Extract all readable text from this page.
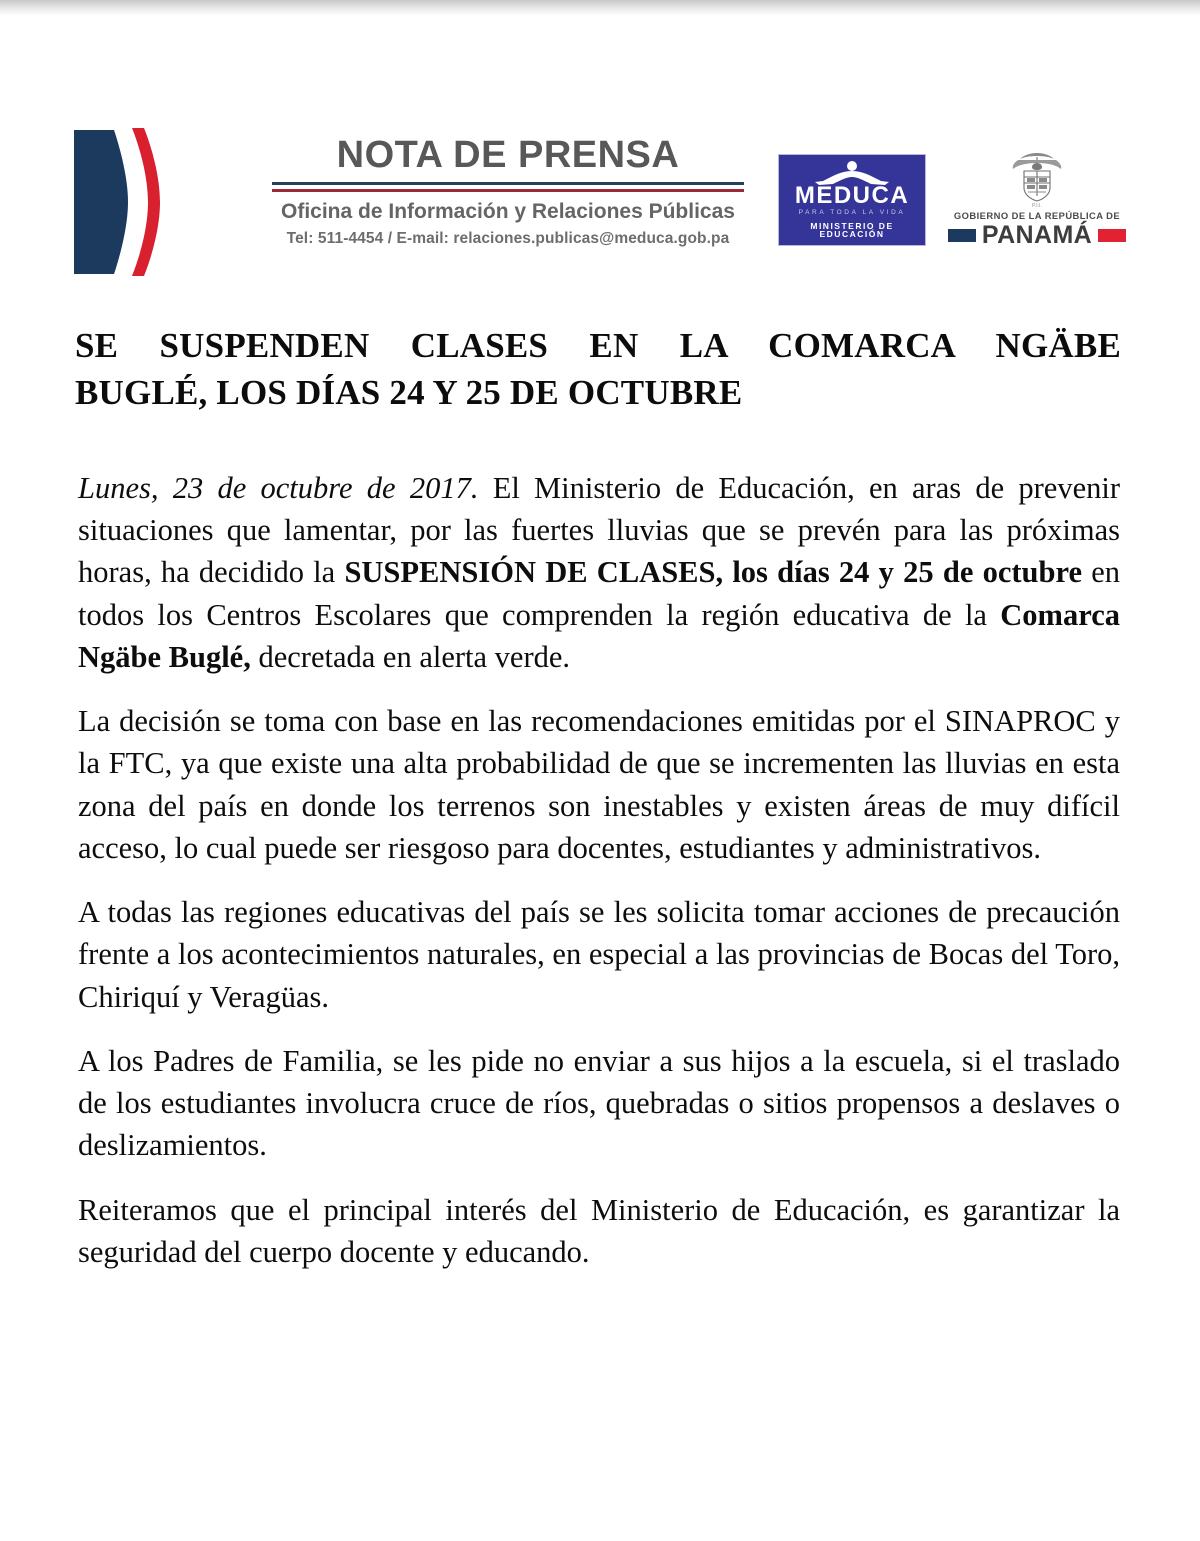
NOTA DE PRENSA
Oficina de Información y Relaciones Públicas
Tel: 511-4454 / E-mail: relaciones.publicas@meduca.gob.pa
MEDUCA
PARA TODA LA VIDA
MINISTERIO DE EDUCACIÓN
P.I.I.
GOBIERNO DE LA REPÚBLICA DE
PANAMÁ
SE SUSPENDEN CLASES EN LA COMARCA NGÄBE
BUGLÉ, LOS DÍAS 24 Y 25 DE OCTUBRE

Lunes, 23 de octubre de 2017. El Ministerio de Educación, en aras de prevenir situaciones que lamentar, por las fuertes lluvias que se prevén para las próximas horas, ha decidido la SUSPENSIÓN DE CLASES, los días 24 y 25 de octubre en todos los Centros Escolares que comprenden la región educativa de la Comarca Ngäbe Buglé, decretada en alerta verde.

La decisión se toma con base en las recomendaciones emitidas por el SINAPROC y la FTC, ya que existe una alta probabilidad de que se incrementen las lluvias en esta zona del país en donde los terrenos son inestables y existen áreas de muy difícil acceso, lo cual puede ser riesgoso para docentes, estudiantes y administrativos.

A todas las regiones educativas del país se les solicita tomar acciones de precaución frente a los acontecimientos naturales, en especial a las provincias de Bocas del Toro, Chiriquí y Veragüas.

A los Padres de Familia, se les pide no enviar a sus hijos a la escuela, si el traslado de los estudiantes involucra cruce de ríos, quebradas o sitios propensos a deslaves o deslizamientos.

Reiteramos que el principal interés del Ministerio de Educación, es garantizar la seguridad del cuerpo docente y educando.
